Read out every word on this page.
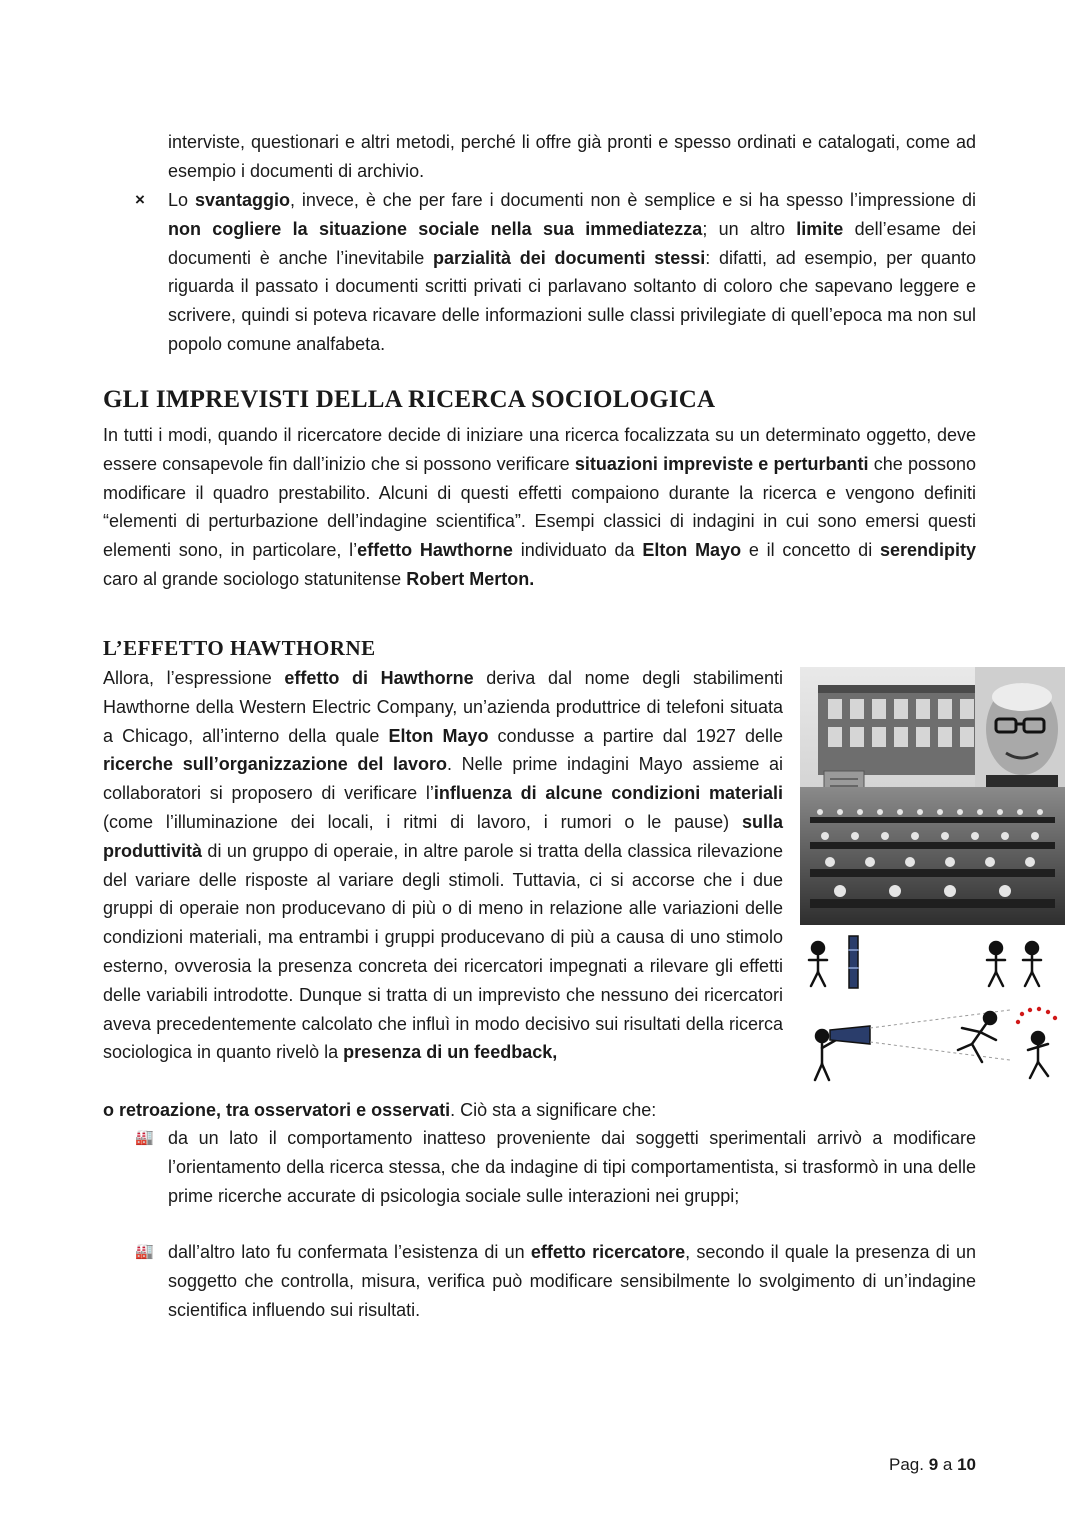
interviste, questionari e altri metodi, perché li offre già pronti e spesso ordinati e catalogati, come ad esempio i documenti di archivio.

× Lo svantaggio, invece, è che per fare i documenti non è semplice e si ha spesso l’impressione di non cogliere la situazione sociale nella sua immediatezza; un altro limite dell’esame dei documenti è anche l’inevitabile parzialità dei documenti stessi: difatti, ad esempio, per quanto riguarda il passato i documenti scritti privati ci parlavano soltanto di coloro che sapevano leggere e scrivere, quindi si poteva ricavare delle informazioni sulle classi privilegiate di quell’epoca ma non sul popolo comune analfabeta.

GLI IMPREVISTI DELLA RICERCA SOCIOLOGICA

In tutti i modi, quando il ricercatore decide di iniziare una ricerca focalizzata su un determinato oggetto, deve essere consapevole fin dall’inizio che si possono verificare situazioni impreviste e perturbanti che possono modificare il quadro prestabilito. Alcuni di questi effetti compaiono durante la ricerca e vengono definiti “elementi di perturbazione dell’indagine scientifica”. Esempi classici di indagini in cui sono emersi questi elementi sono, in particolare, l’effetto Hawthorne individuato da Elton Mayo e il concetto di serendipity caro al grande sociologo statunitense Robert Merton.

L’EFFETTO HAWTHORNE

Allora, l’espressione effetto di Hawthorne deriva dal nome degli stabilimenti Hawthorne della Western Electric Company, un’azienda produttrice di telefoni situata a Chicago, all’interno della quale Elton Mayo condusse a partire dal 1927 delle ricerche sull’organizzazione del lavoro. Nelle prime indagini Mayo assieme ai collaboratori si proposero di verificare l’influenza di alcune condizioni materiali (come l’illuminazione dei locali, i ritmi di lavoro, i rumori o le pause) sulla produttività di un gruppo di operaie, in altre parole si tratta della classica rilevazione del variare delle risposte al variare degli stimoli. Tuttavia, ci si accorse che i due gruppi di operaie non producevano di più o di meno in relazione alle variazioni delle condizioni materiali, ma entrambi i gruppi producevano di più a causa di uno stimolo esterno, ovverosia la presenza concreta dei ricercatori impegnati a rilevare gli effetti delle variabili introdotte. Dunque si tratta di un imprevisto che nessuno dei ricercatori aveva precedentemente calcolato che influì in modo decisivo sui risultati della ricerca sociologica in quanto rivelò la presenza di un feedback,

o retroazione, tra osservatori e osservati. Ciò sta a significare che:

🏭 da un lato il comportamento inatteso proveniente dai soggetti sperimentali arrivò a modificare l’orientamento della ricerca stessa, che da indagine di tipi comportamentista, si trasformò in una delle prime ricerche accurate di psicologia sociale sulle interazioni nei gruppi;

🏭 dall’altro lato fu confermata l’esistenza di un effetto ricercatore, secondo il quale la presenza di un soggetto che controlla, misura, verifica può modificare sensibilmente lo svolgimento di un’indagine scientifica influendo sui risultati.

Pag. 9 a 10
